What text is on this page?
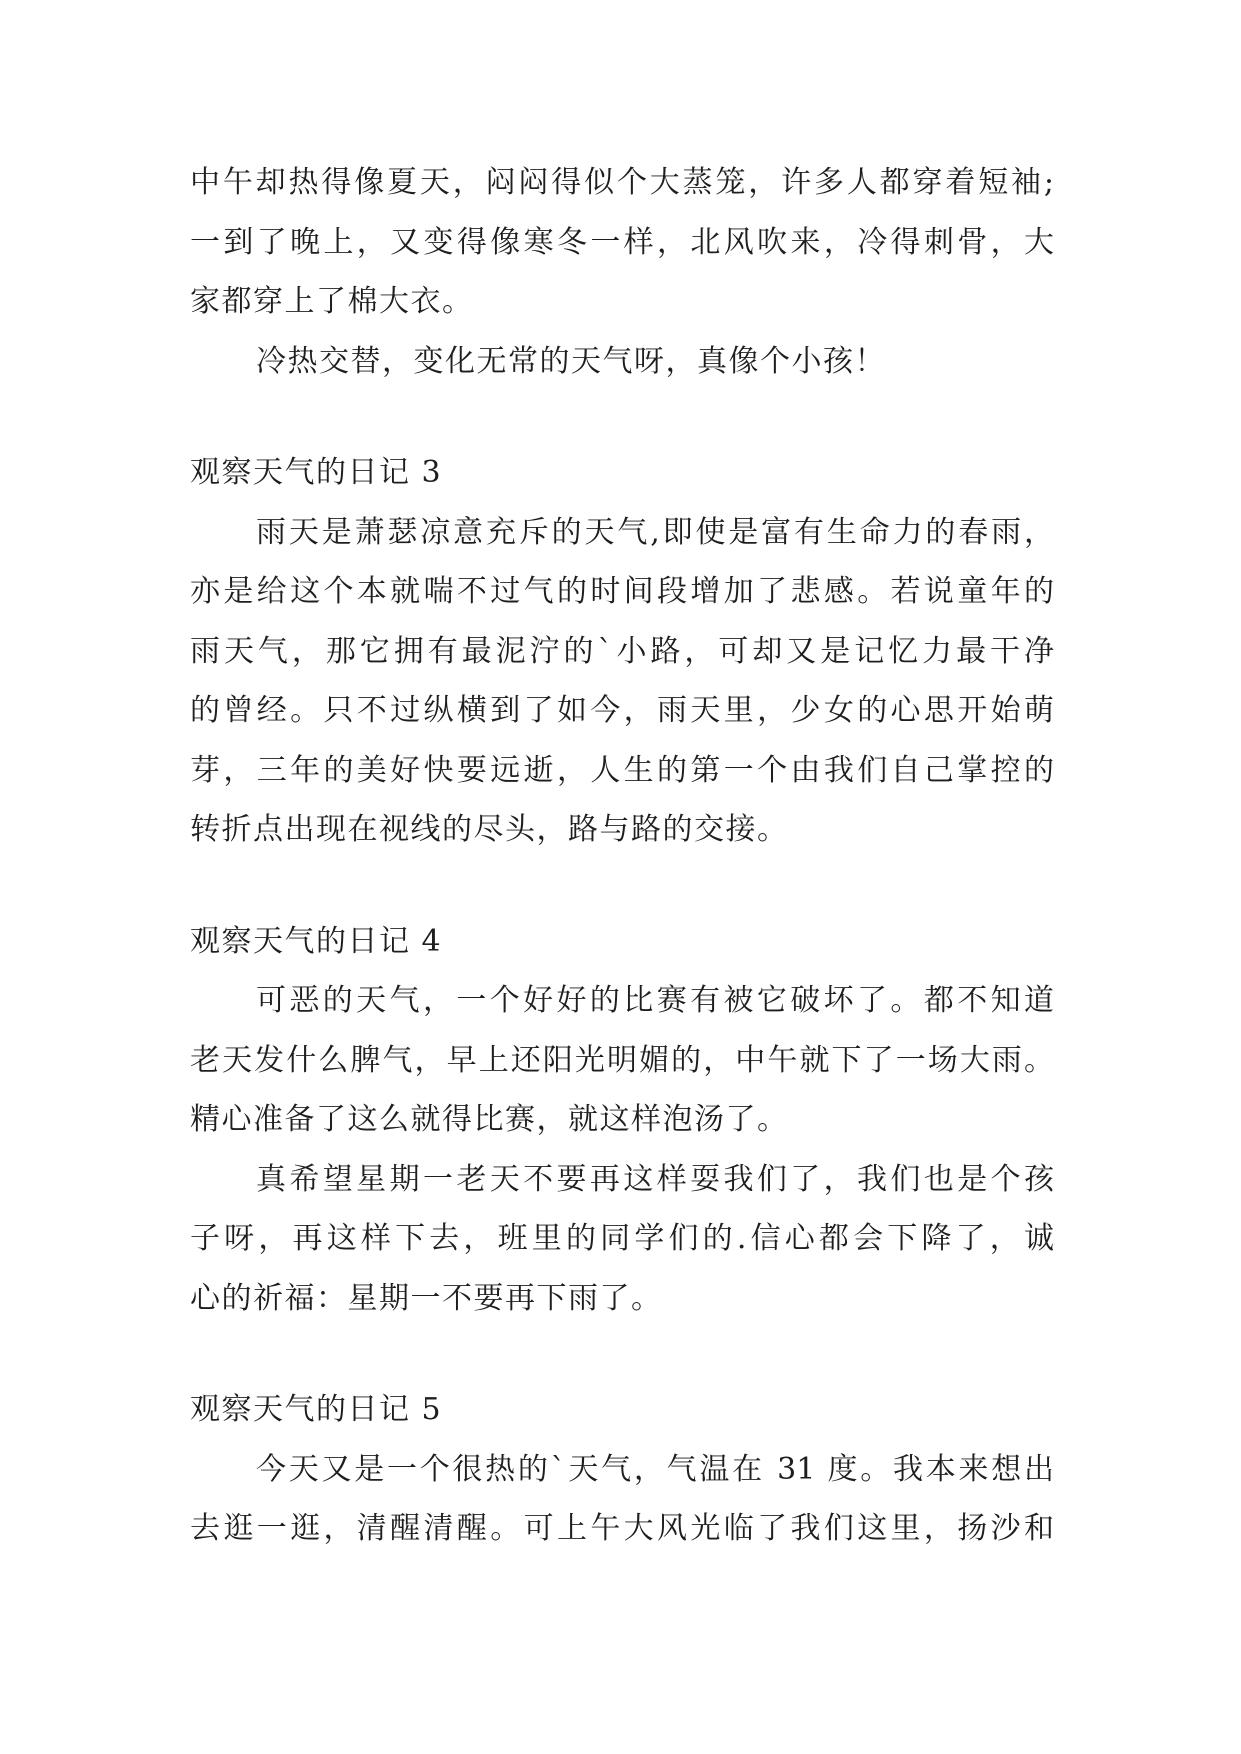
中午却热得像夏天，闷闷得似个大蒸笼，许多人都穿着短袖;
一到了晚上，又变得像寒冬一样，北风吹来，冷得刺骨，大
家都穿上了棉大衣。
冷热交替，变化无常的天气呀，真像个小孩！
观察天气的日记 3
雨天是萧瑟凉意充斥的天气,即使是富有生命力的春雨，
亦是给这个本就喘不过气的时间段增加了悲感。若说童年的
雨天气，那它拥有最泥泞的`小路，可却又是记忆力最干净
的曾经。只不过纵横到了如今，雨天里，少女的心思开始萌
芽，三年的美好快要远逝，人生的第一个由我们自己掌控的
转折点出现在视线的尽头，路与路的交接。
观察天气的日记 4
可恶的天气，一个好好的比赛有被它破坏了。都不知道
老天发什么脾气，早上还阳光明媚的，中午就下了一场大雨。
精心准备了这么就得比赛，就这样泡汤了。
真希望星期一老天不要再这样耍我们了，我们也是个孩
子呀，再这样下去，班里的同学们的.信心都会下降了，诚
心的祈福：星期一不要再下雨了。
观察天气的日记 5
今天又是一个很热的`天气，气温在 31 度。我本来想出
去逛一逛，清醒清醒。可上午大风光临了我们这里，扬沙和
